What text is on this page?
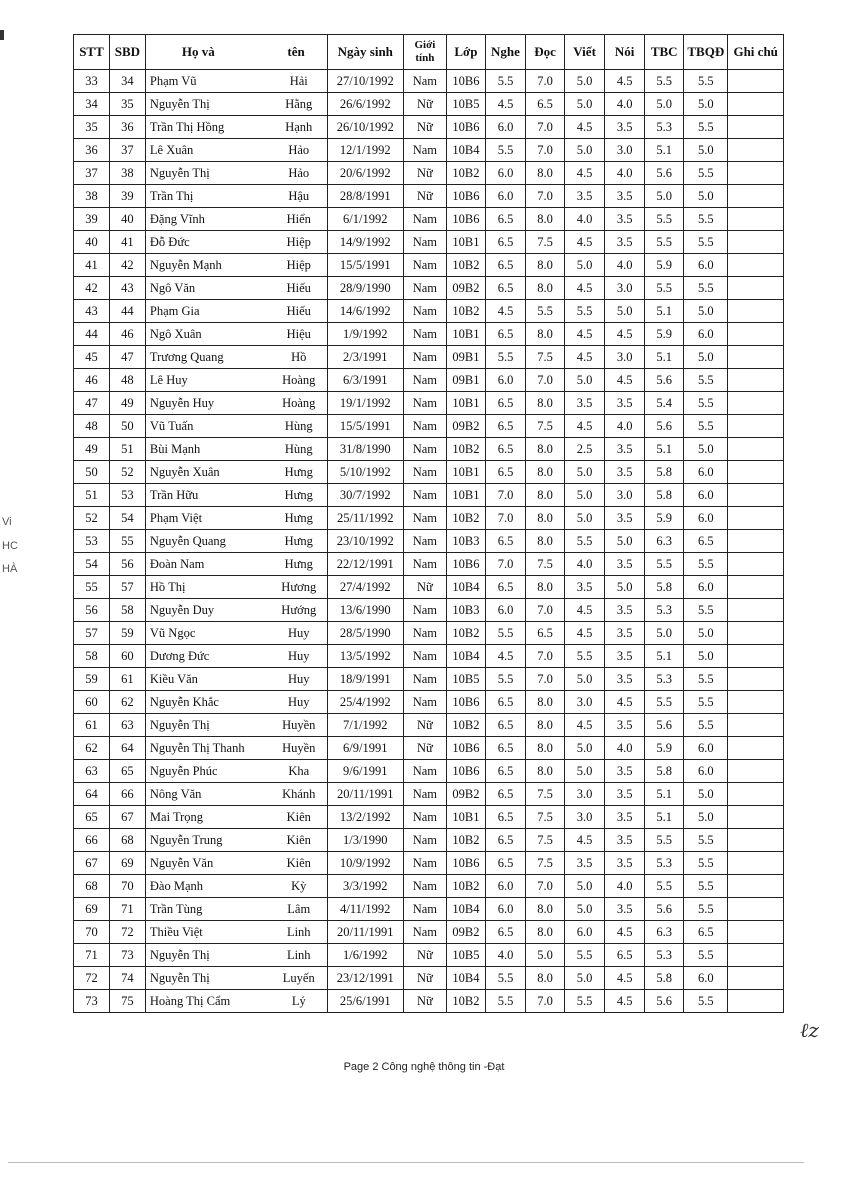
Vi
HC
HÀ
STT	SBD	Họ và tên	Ngày sinh	Giới tính	Lớp	Nghe	Đọc	Viết	Nói	TBC	TBQĐ	Ghi chú
33	34	Phạm Vũ Hải	27/10/1992	Nam	10B6	5.5	7.0	5.0	4.5	5.5	5.5	
34	35	Nguyễn Thị Hằng	26/6/1992	Nữ	10B5	4.5	6.5	5.0	4.0	5.0	5.0	
35	36	Trần Thị Hồng Hạnh	26/10/1992	Nữ	10B6	6.0	7.0	4.5	3.5	5.3	5.5	
36	37	Lê Xuân Hảo	12/1/1992	Nam	10B4	5.5	7.0	5.0	3.0	5.1	5.0	
37	38	Nguyễn Thị Hảo	20/6/1992	Nữ	10B2	6.0	8.0	4.5	4.0	5.6	5.5	
38	39	Trần Thị Hậu	28/8/1991	Nữ	10B6	6.0	7.0	3.5	3.5	5.0	5.0	
39	40	Đặng Vĩnh Hiển	6/1/1992	Nam	10B6	6.5	8.0	4.0	3.5	5.5	5.5	
40	41	Đỗ Đức Hiệp	14/9/1992	Nam	10B1	6.5	7.5	4.5	3.5	5.5	5.5	
41	42	Nguyễn Mạnh Hiệp	15/5/1991	Nam	10B2	6.5	8.0	5.0	4.0	5.9	6.0	
42	43	Ngô Văn Hiếu	28/9/1990	Nam	09B2	6.5	8.0	4.5	3.0	5.5	5.5	
43	44	Phạm Gia Hiếu	14/6/1992	Nam	10B2	4.5	5.5	5.5	5.0	5.1	5.0	
44	46	Ngô Xuân Hiệu	1/9/1992	Nam	10B1	6.5	8.0	4.5	4.5	5.9	6.0	
45	47	Trương Quang Hồ	2/3/1991	Nam	09B1	5.5	7.5	4.5	3.0	5.1	5.0	
46	48	Lê Huy Hoàng	6/3/1991	Nam	09B1	6.0	7.0	5.0	4.5	5.6	5.5	
47	49	Nguyễn Huy Hoàng	19/1/1992	Nam	10B1	6.5	8.0	3.5	3.5	5.4	5.5	
48	50	Vũ Tuấn Hùng	15/5/1991	Nam	09B2	6.5	7.5	4.5	4.0	5.6	5.5	
49	51	Bùi Mạnh Hùng	31/8/1990	Nam	10B2	6.5	8.0	2.5	3.5	5.1	5.0	
50	52	Nguyễn Xuân Hưng	5/10/1992	Nam	10B1	6.5	8.0	5.0	3.5	5.8	6.0	
51	53	Trần Hữu Hưng	30/7/1992	Nam	10B1	7.0	8.0	5.0	3.0	5.8	6.0	
52	54	Phạm Việt Hưng	25/11/1992	Nam	10B2	7.0	8.0	5.0	3.5	5.9	6.0	
53	55	Nguyễn Quang Hưng	23/10/1992	Nam	10B3	6.5	8.0	5.5	5.0	6.3	6.5	
54	56	Đoàn Nam Hưng	22/12/1991	Nam	10B6	7.0	7.5	4.0	3.5	5.5	5.5	
55	57	Hồ Thị Hương	27/4/1992	Nữ	10B4	6.5	8.0	3.5	5.0	5.8	6.0	
56	58	Nguyễn Duy Hướng	13/6/1990	Nam	10B3	6.0	7.0	4.5	3.5	5.3	5.5	
57	59	Vũ Ngọc Huy	28/5/1990	Nam	10B2	5.5	6.5	4.5	3.5	5.0	5.0	
58	60	Dương Đức Huy	13/5/1992	Nam	10B4	4.5	7.0	5.5	3.5	5.1	5.0	
59	61	Kiều Văn Huy	18/9/1991	Nam	10B5	5.5	7.0	5.0	3.5	5.3	5.5	
60	62	Nguyễn Khắc Huy	25/4/1992	Nam	10B6	6.5	8.0	3.0	4.5	5.5	5.5	
61	63	Nguyễn Thị Huyền	7/1/1992	Nữ	10B2	6.5	8.0	4.5	3.5	5.6	5.5	
62	64	Nguyễn Thị Thanh Huyền	6/9/1991	Nữ	10B6	6.5	8.0	5.0	4.0	5.9	6.0	
63	65	Nguyễn Phúc Kha	9/6/1991	Nam	10B6	6.5	8.0	5.0	3.5	5.8	6.0	
64	66	Nông Văn Khánh	20/11/1991	Nam	09B2	6.5	7.5	3.0	3.5	5.1	5.0	
65	67	Mai Trọng Kiên	13/2/1992	Nam	10B1	6.5	7.5	3.0	3.5	5.1	5.0	
66	68	Nguyễn Trung Kiên	1/3/1990	Nam	10B2	6.5	7.5	4.5	3.5	5.5	5.5	
67	69	Nguyễn Văn Kiên	10/9/1992	Nam	10B6	6.5	7.5	3.5	3.5	5.3	5.5	
68	70	Đào Mạnh Kỳ	3/3/1992	Nam	10B2	6.0	7.0	5.0	4.0	5.5	5.5	
69	71	Trần Tùng Lâm	4/11/1992	Nam	10B4	6.0	8.0	5.0	3.5	5.6	5.5	
70	72	Thiều Việt Linh	20/11/1991	Nam	09B2	6.5	8.0	6.0	4.5	6.3	6.5	
71	73	Nguyễn Thị Linh	1/6/1992	Nữ	10B5	4.0	5.0	5.5	6.5	5.3	5.5	
72	74	Nguyễn Thị Luyến	23/12/1991	Nữ	10B4	5.5	8.0	5.0	4.5	5.8	6.0	
73	75	Hoàng Thị Cẩm Lý	25/6/1991	Nữ	10B2	5.5	7.0	5.5	4.5	5.6	5.5	
ℓz
Page 2 Công nghệ thông tin -Đạt
